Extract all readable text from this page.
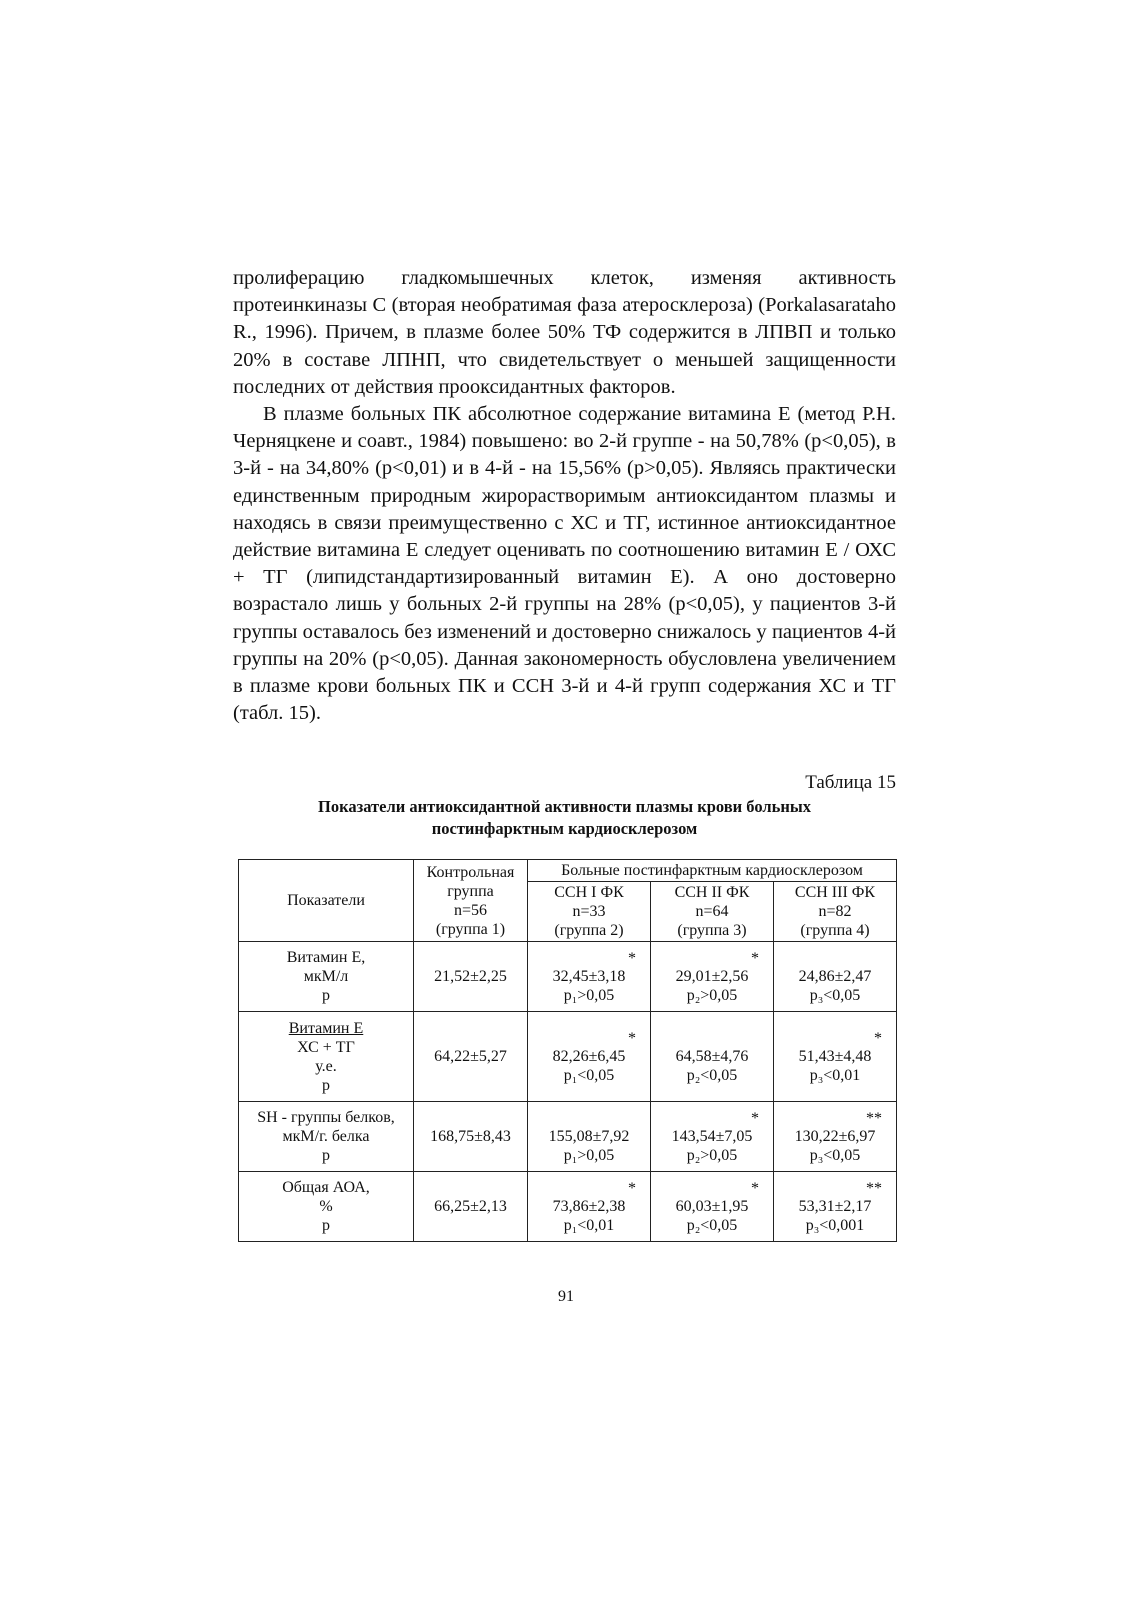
пролиферацию гладкомышечных клеток, изменяя активность протеинкиназы С (вторая необратимая фаза атеросклероза) (Porkalasarataho R., 1996). Причем, в плазме более 50% ТФ содержится в ЛПВП и только 20% в составе ЛПНП, что свидетельствует о меньшей защищенности последних от действия прооксидантных факторов.

В плазме больных ПК абсолютное содержание витамина Е (метод Р.Н. Черняцкене и соавт., 1984) повышено: во 2-й группе - на 50,78% (р<0,05), в 3-й - на 34,80% (р<0,01) и в 4-й - на 15,56% (р>0,05). Являясь практически единственным природным жирорастворимым антиоксидантом плазмы и находясь в связи преимущественно с ХС и ТГ, истинное антиоксидантное действие витамина Е следует оценивать по соотношению витамин Е / ОХС + ТГ (липидстандартизированный витамин Е). А оно достоверно возрастало лишь у больных 2-й группы на 28% (р<0,05), у пациентов 3-й группы оставалось без изменений и достоверно снижалось у пациентов 4-й группы на 20% (р<0,05). Данная закономерность обусловлена увеличением в плазме крови больных ПК и ССН 3-й и 4-й групп содержания ХС и ТГ (табл. 15).

Таблица 15
Показатели антиоксидантной активности плазмы крови больных
постинфарктным кардиосклерозом
Показатели	Контрольная
группа
n=56
(группа 1)	Больные постинфарктным кардиосклерозом		

		ССН I ФК
n=33
(группа 2)	ССН II ФК
n=64
(группа 3)	ССН III ФК
n=82
(группа 4)

Витамин Е,
мкМ/л
р	21,52±2,25	*
32,45±3,18
p₁>0,05	*
29,01±2,56
p₂>0,05	24,86±2,47
p₃<0,05

Витамин Е
ХС + ТГ
у.е.
р	64,22±5,27	*
82,26±6,45
p₁<0,05	64,58±4,76
p₂<0,05	*
51,43±4,48
p₃<0,01

SH - группы белков,
мкМ/г. белка
р	168,75±8,43	155,08±7,92
p₁>0,05	*
143,54±7,05
p₂>0,05	**
130,22±6,97
p₃<0,05

Общая АОА,
%
р	66,25±2,13	*
73,86±2,38
p₁<0,01	*
60,03±1,95
p₂<0,05	**
53,31±2,17
p₃<0,001
91
